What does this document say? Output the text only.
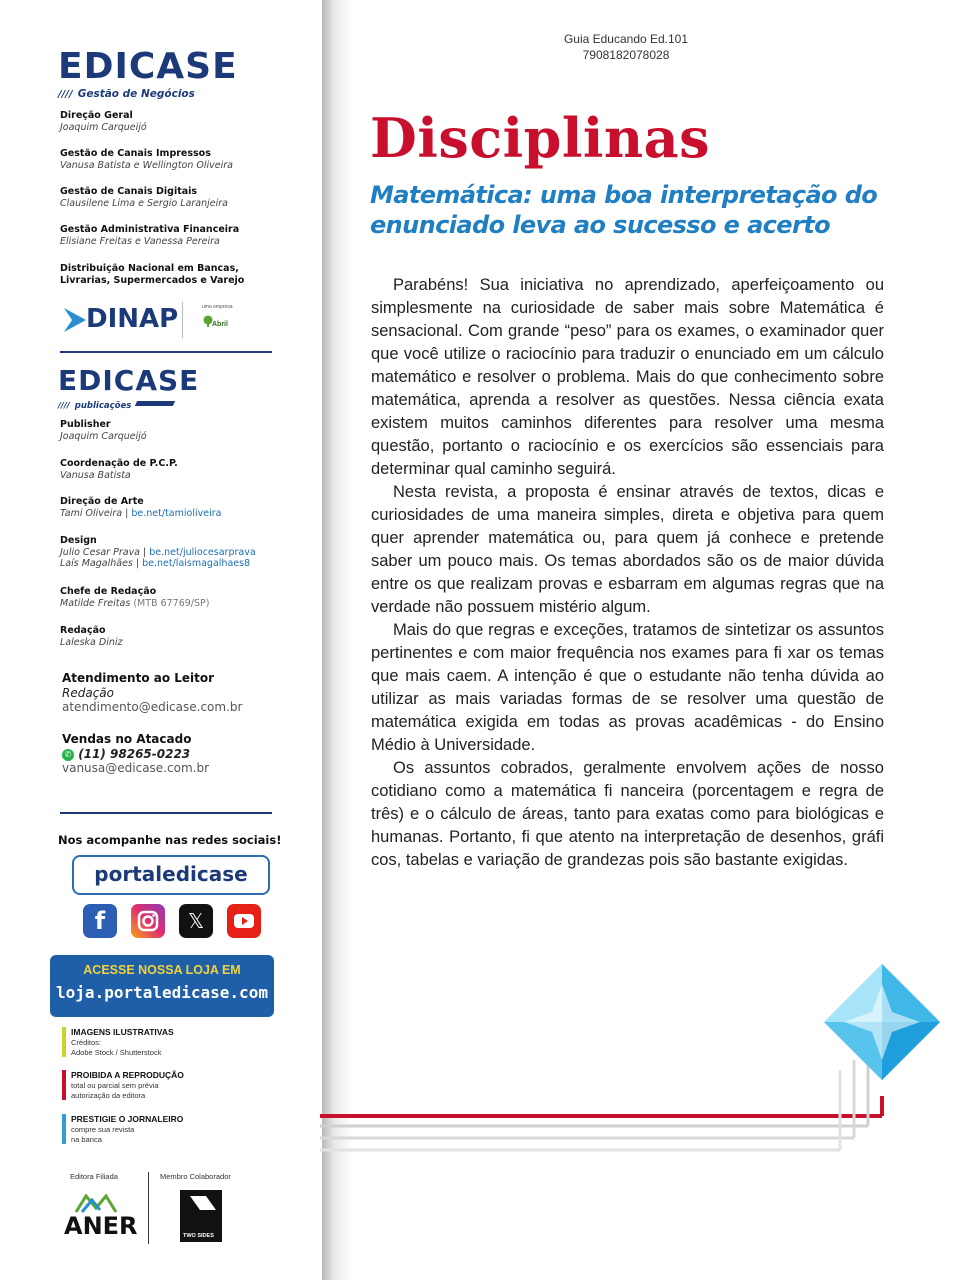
EDICASE
//// Gestão de Negócios
Direção Geral
Joaquim Carqueijó
Gestão de Canais Impressos
Vanusa Batista e Wellington Oliveira
Gestão de Canais Digitais
Clausilene Lima e Sergio Laranjeira
Gestão Administrativa Financeira
Elisiane Freitas e Vanessa Pereira
Distribuição Nacional em Bancas,
Livrarias, Supermercados e Varejo
DINAP	uma empresa
Abril
EDICASE
//// publicações
Publisher
Joaquim Carqueijó
Coordenação de P.C.P.
Vanusa Batista
Direção de Arte
Tami Oliveira | be.net/tamioliveira
Design
Julio Cesar Prava | be.net/juliocesarprava
Laís Magalhães | be.net/laismagalhaes8
Chefe de Redação
Matilde Freitas (MTB 67769/SP)
Redação
Laleska Diniz
Atendimento ao Leitor
Redação
atendimento@edicase.com.br
Vendas no Atacado
✆ (11) 98265-0223
vanusa@edicase.com.br
Nos acompanhe nas redes sociais!
portaledicase
f	𝕏
ACESSE NOSSA LOJA EM
loja.portaledicase.com
IMAGENS ILUSTRATIVAS
Créditos:
Adobe Stock / Shutterstock
PROIBIDA A REPRODUÇÃO
total ou parcial sem prévia
autorização da editora
PRESTIGIE O JORNALEIRO
compre sua revista
na banca
Editora Filiada	Membro Colaborador
ANER	TWO SIDES
Guia Educando Ed.101
7908182078028
Disciplinas
Matemática: uma boa interpretação do enunciado leva ao sucesso e acerto

Parabéns! Sua iniciativa no aprendizado, aperfeiçoamento ou simplesmente na curiosidade de saber mais sobre Matemática é sensacional. Com grande “peso” para os exames, o examinador quer que você utilize o raciocínio para traduzir o enunciado em um cálculo matemático e resolver o problema. Mais do que conhecimento sobre matemática, aprenda a resolver as questões. Nessa ciência exata existem muitos caminhos diferentes para resolver uma mesma questão, portanto o raciocínio e os exercícios são essenciais para determinar qual caminho seguirá.

Nesta revista, a proposta é ensinar através de textos, dicas e curiosidades de uma maneira simples, direta e objetiva para quem quer aprender matemática ou, para quem já conhece e pretende saber um pouco mais. Os temas abordados são os de maior dúvida entre os que realizam provas e esbarram em algumas regras que na verdade não possuem mistério algum.

Mais do que regras e exceções, tratamos de sintetizar os assuntos pertinentes e com maior frequência nos exames para fi xar os temas que mais caem. A intenção é que o estudante não tenha dúvida ao utilizar as mais variadas formas de se resolver uma questão de matemática exigida em todas as provas acadêmicas - do Ensino Médio à Universidade.

Os assuntos cobrados, geralmente envolvem ações de nosso cotidiano como a matemática fi nanceira (porcentagem e regra de três) e o cálculo de áreas, tanto para exatas como para biológicas e humanas. Portanto, fi que atento na interpretação de desenhos, gráfi cos, tabelas e variação de grandezas pois são bastante exigidas.
